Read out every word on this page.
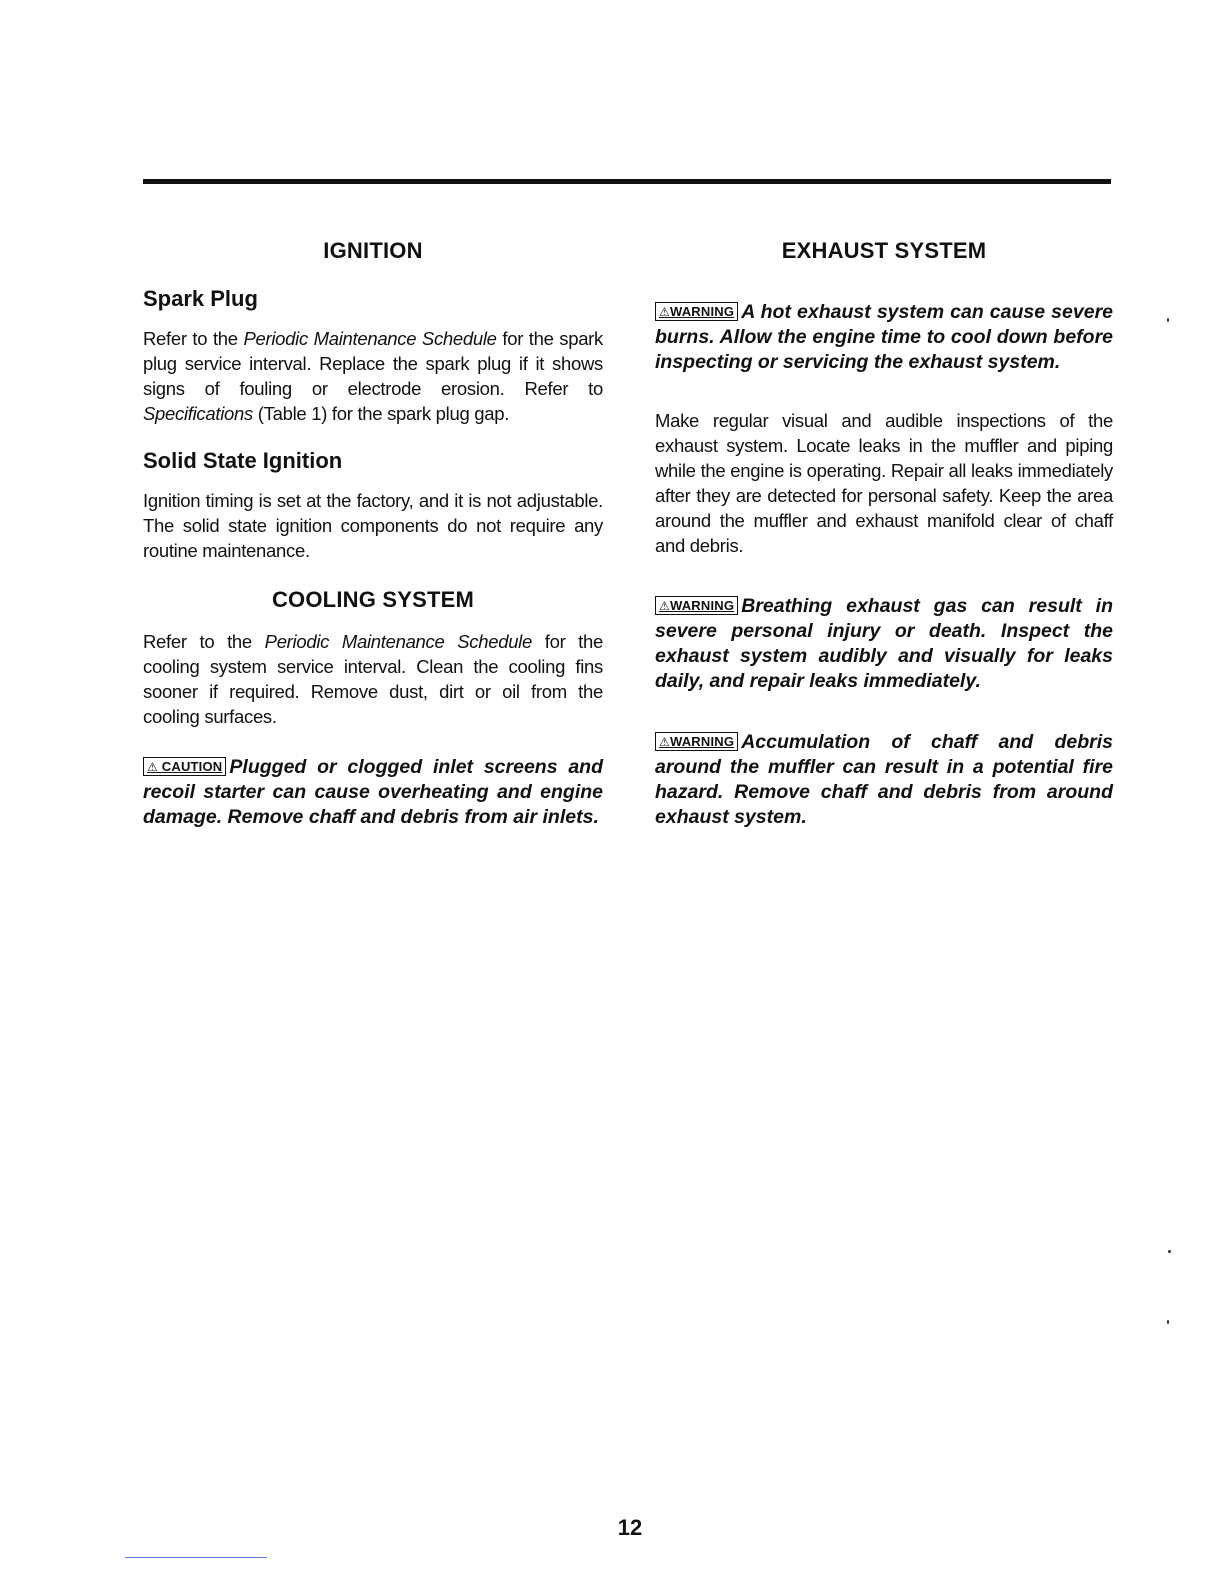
IGNITION
Spark Plug

Refer to the Periodic Maintenance Schedule for the spark plug service interval. Replace the spark plug if it shows signs of fouling or electrode erosion. Refer to Specifications (Table 1) for the spark plug gap.

Solid State Ignition

Ignition timing is set at the factory, and it is not adjustable. The solid state ignition components do not require any routine maintenance.

COOLING SYSTEM

Refer to the Periodic Maintenance Schedule for the cooling system service interval. Clean the cooling fins sooner if required. Remove dust, dirt or oil from the cooling surfaces.

⚠ CAUTION Plugged or clogged inlet screens and recoil starter can cause overheating and engine damage. Remove chaff and debris from air inlets.

EXHAUST SYSTEM

⚠WARNING A hot exhaust system can cause severe burns. Allow the engine time to cool down before inspecting or servicing the exhaust system.

Make regular visual and audible inspections of the exhaust system. Locate leaks in the muffler and piping while the engine is operating. Repair all leaks immediately after they are detected for personal safety. Keep the area around the muffler and exhaust manifold clear of chaff and debris.

⚠WARNING Breathing exhaust gas can result in severe personal injury or death. Inspect the exhaust system audibly and visually for leaks daily, and repair leaks immediately.

⚠WARNING Accumulation of chaff and debris around the muffler can result in a potential fire hazard. Remove chaff and debris from around exhaust system.

12
